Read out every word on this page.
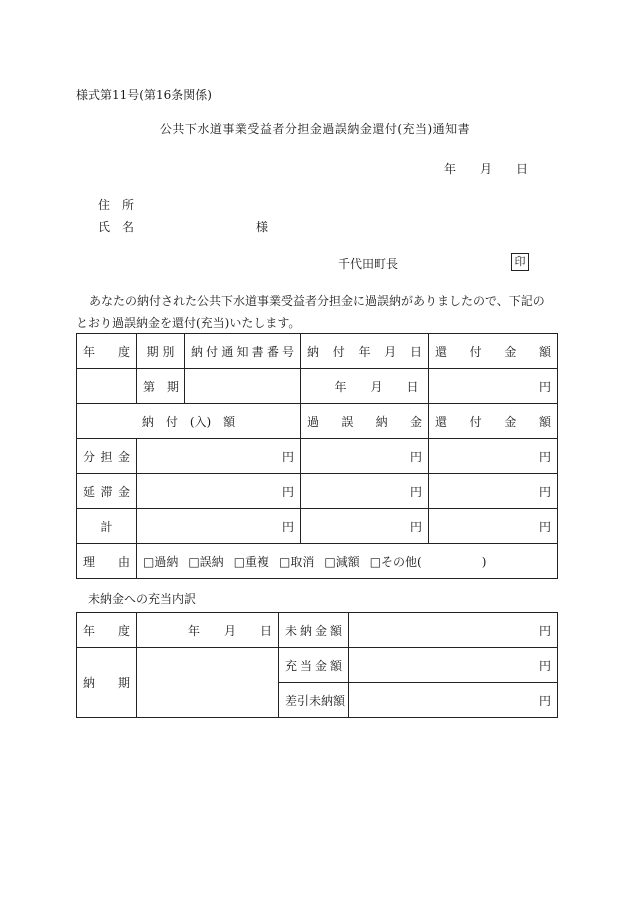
様式第11号(第16条関係)
公共下水道事業受益者分担金過誤納金還付(充当)通知書
年 月 日
住　所
氏　名	様
千代田町長	印
あなたの納付された公共下水道事業受益者分担金に過誤納がありましたので、下記のとおり過誤納金を還付(充当)いたします。
年　度	期 別	納付通知書番号	納 付 年 月 日	還 付 金 額
	第　期		年　　月　　日	円
納　付　(入)　額			過 誤 納 金	還 付 金 額
分 担 金	円		円	円
延 滞 金	円		円	円
計	円		円	円
理　由	□過納 □誤納 □重複 □取消 □減額 □その他(　　　　　)			
未納金への充当内訳
年　度	年　　月　　日	未納金額	円
納　期		充当金額	円
		差引未納額	円
